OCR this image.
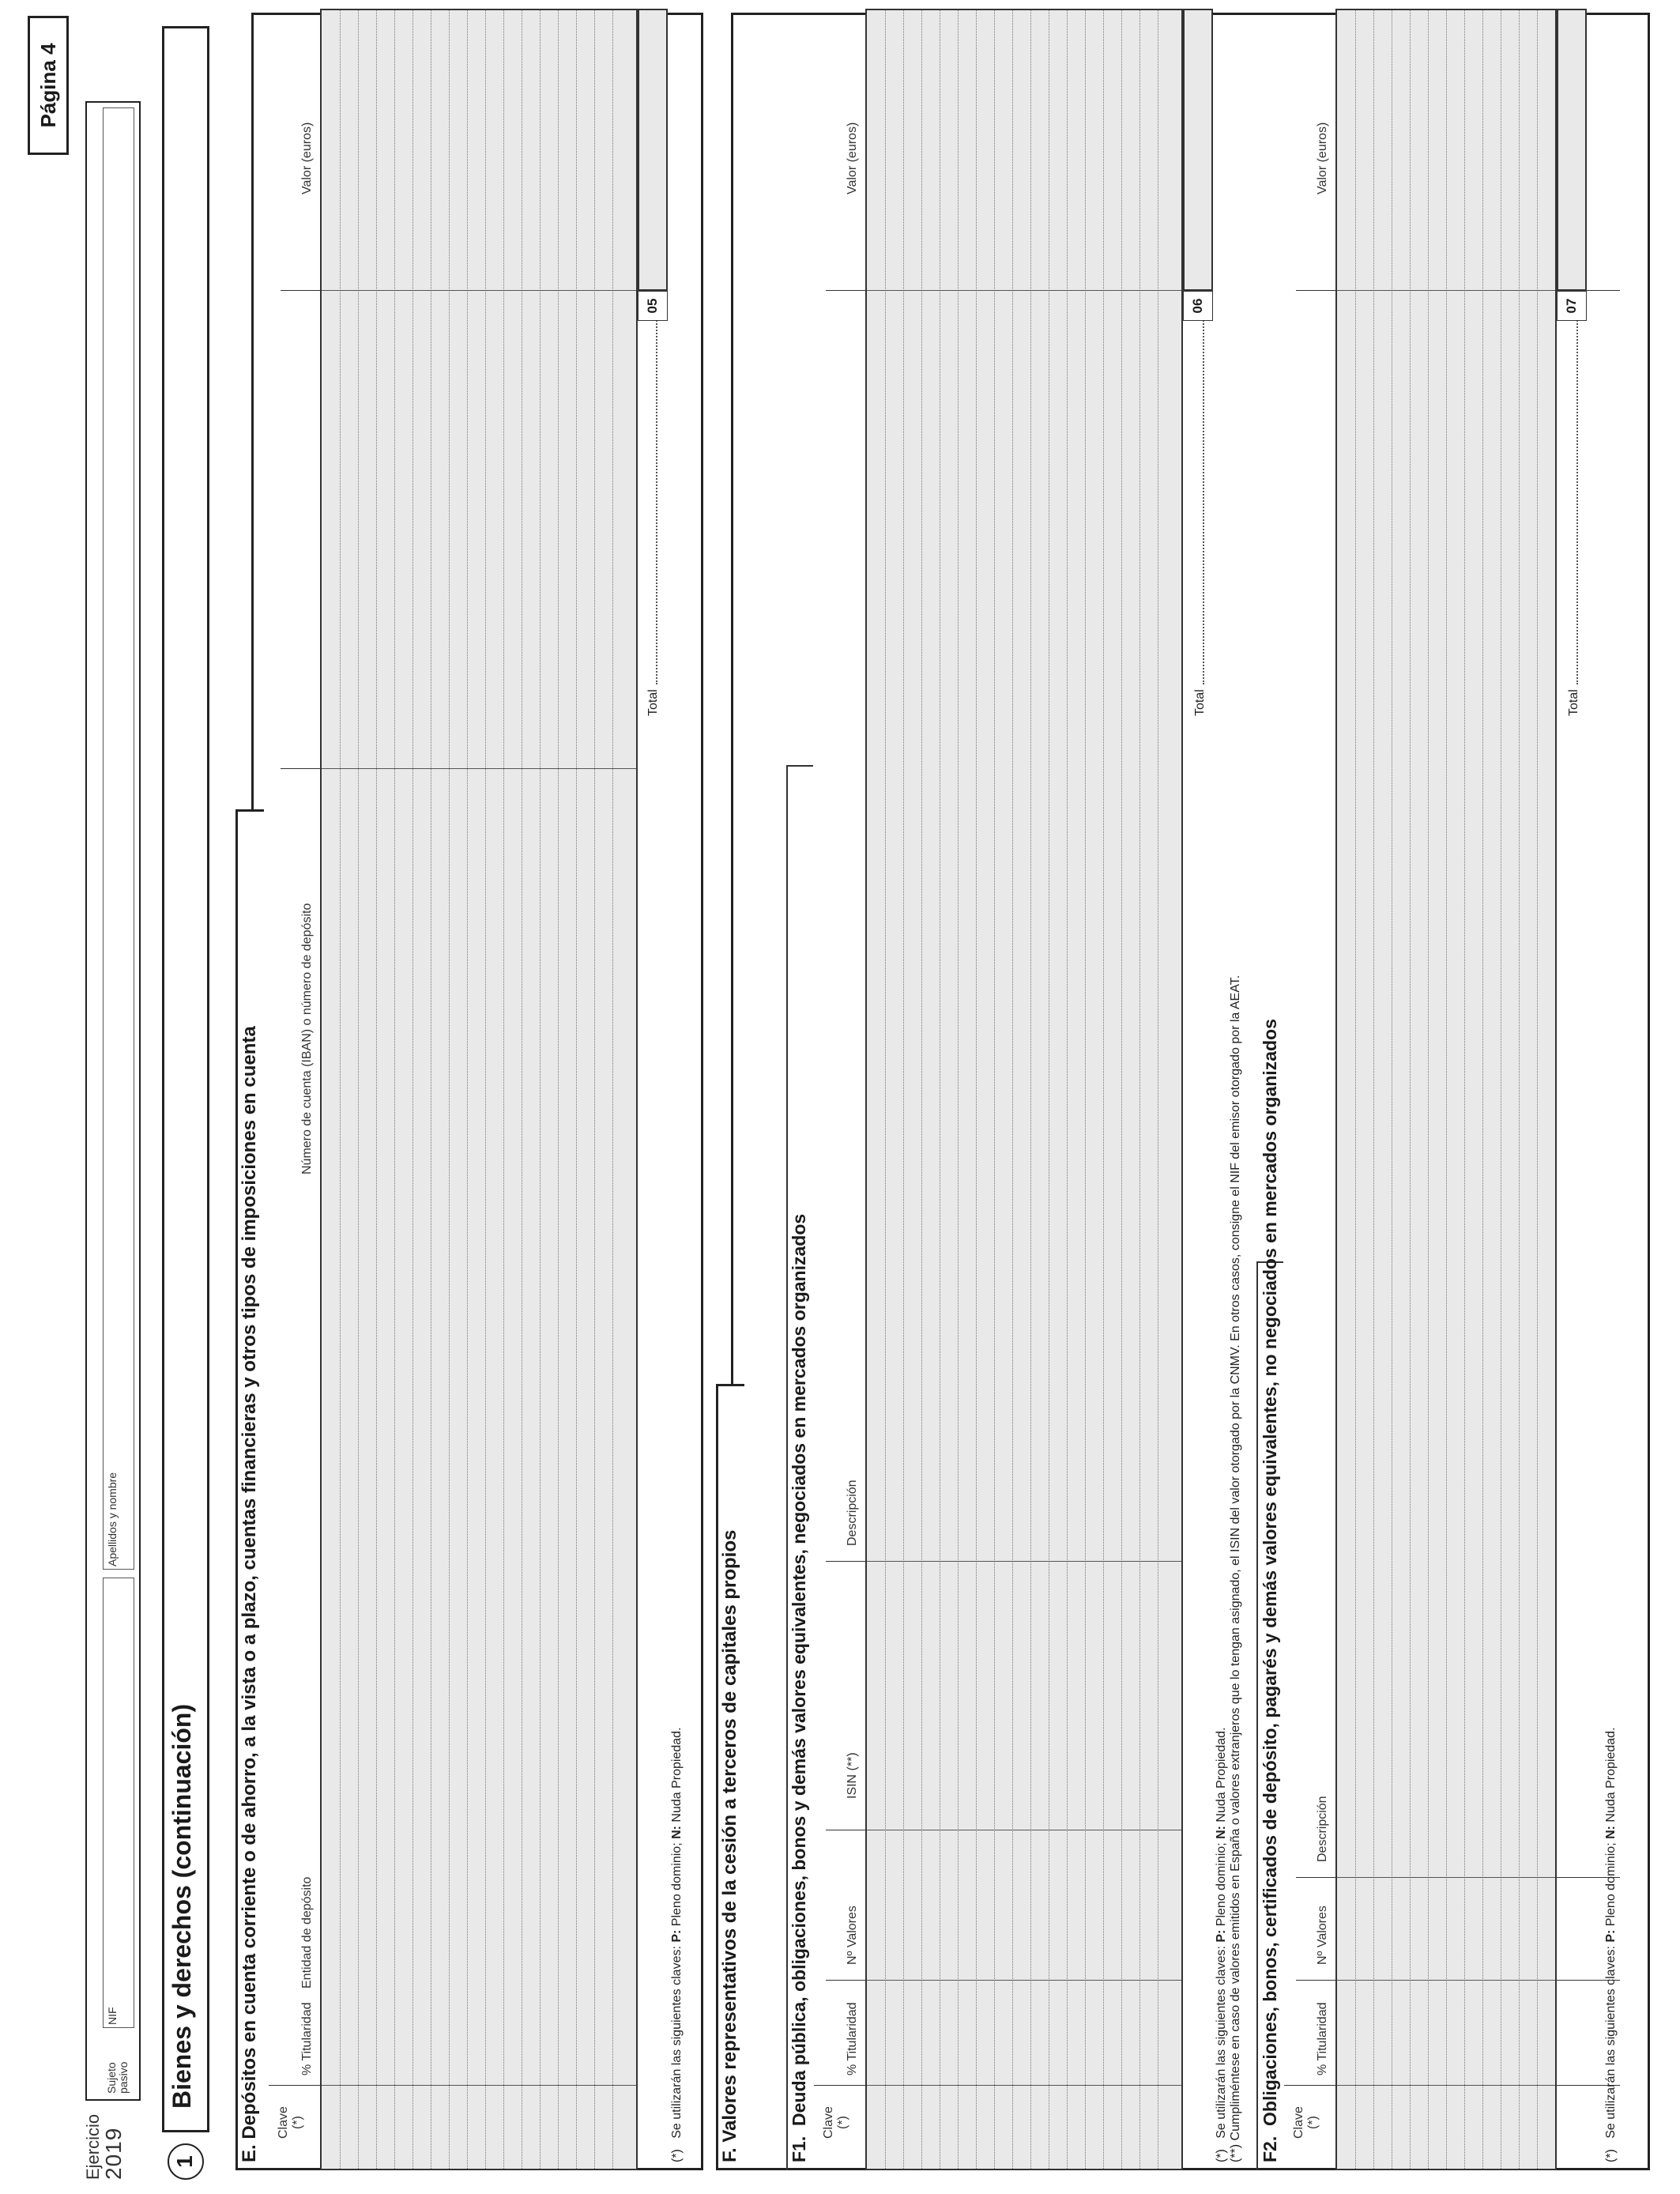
Ejercicio
2019
Sujeto pasivo
NIF
Apellidos y nombre
Página 4
1
Bienes y derechos (continuación) E. Depósitos en cuenta corriente o de ahorro, a la vista o a plazo, cuentas financieras y otros tipos de imposiciones en cuenta Clave (*)
% Titularidad
Entidad de depósito
Número de cuenta (IBAN) o número de depósito
Valor (euros)
Total
05
(*)   Se utilizarán las siguientes claves: P: Pleno dominio; N: Nuda Propiedad. F. Valores representativos de la cesión a terceros de capitales propios	F1.  Deuda pública, obligaciones, bonos y demás valores equivalentes, negociados en mercados organizados Clave (*)
% Titularidad
Nº Valores
ISIN (**)
Descripción
Valor (euros)
Total
06
(*)   Se utilizarán las siguientes claves: P: Pleno dominio; N: Nuda Propiedad.
(**) Cumpliméntese en caso de valores emitidos en España o valores extranjeros que lo tengan asignado, el ISIN del valor otorgado por la CNMV. En otros casos, consigne el NIF del emisor otorgado por la AEAT.
F2.  Obligaciones, bonos, certificados de depósito, pagarés y demás valores equivalentes, no negociados en mercados organizados Clave (*)
% Titularidad
Nº Valores
Descripción
Valor (euros)
Total
07
(*)   Se utilizarán las siguientes claves: P: Pleno dominio; N: Nuda Propiedad.
